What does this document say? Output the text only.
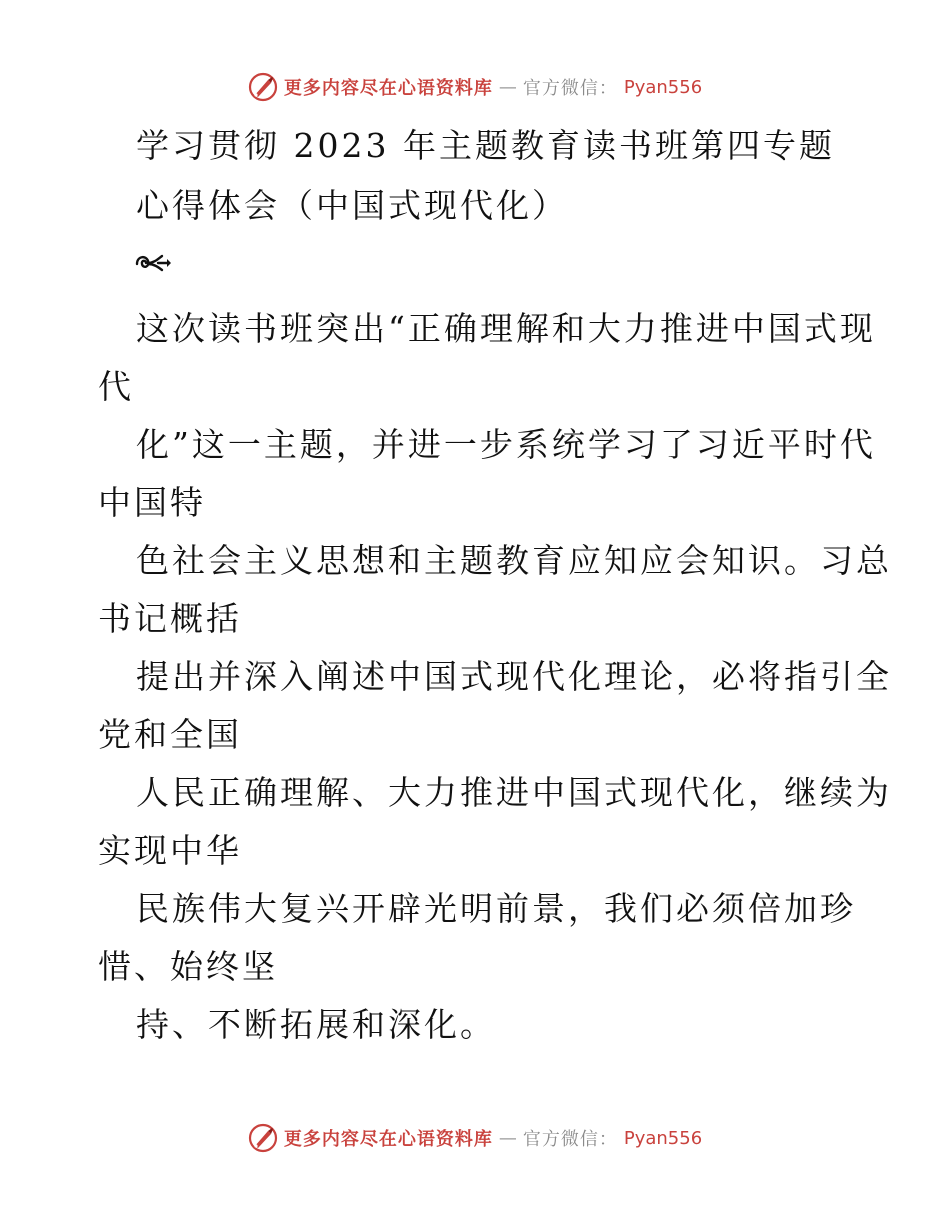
更多内容尽在心语资料库 — 官方微信： Pyan556
学习贯彻 2023 年主题教育读书班第四专题
心得体会（中国式现代化）

这次读书班突出“正确理解和大力推进中国式现
代
化”这一主题，并进一步系统学习了习近平时代
中国特
色社会主义思想和主题教育应知应会知识。习总
书记概括
提出并深入阐述中国式现代化理论，必将指引全
党和全国
人民正确理解、大力推进中国式现代化，继续为
实现中华
民族伟大复兴开辟光明前景，我们必须倍加珍
惜、始终坚
持、不断拓展和深化。

更多内容尽在心语资料库 — 官方微信： Pyan556
